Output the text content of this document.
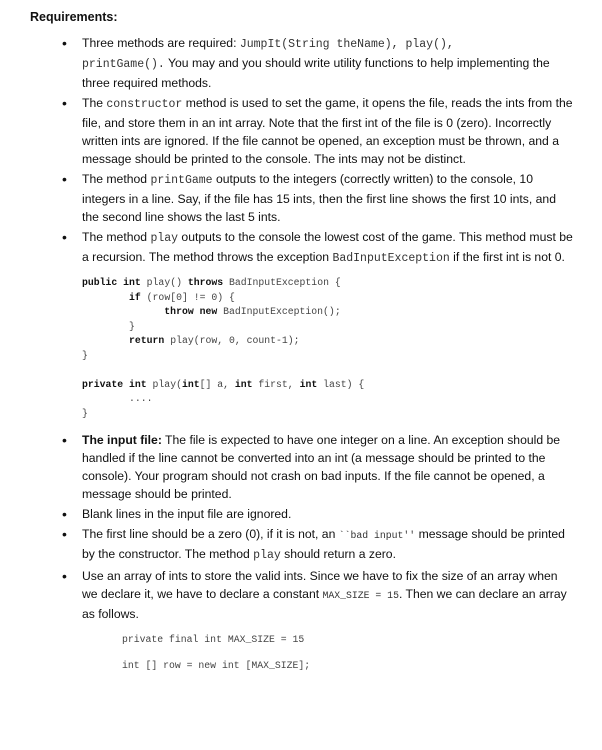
Requirements:
• Three methods are required: JumpIt(String theName), play(),
printGame(). You may and you should write utility functions to help implementing the three required methods.
• The constructor method is used to set the game, it opens the file, reads the ints from the file, and store them in an int array. Note that the first int of the file is 0 (zero). Incorrectly written ints are ignored. If the file cannot be opened, an exception must be thrown, and a message should be printed to the console. The ints may not be distinct.
• The method printGame outputs to the integers (correctly written) to the console, 10 integers in a line. Say, if the file has 15 ints, then the first line shows the first 10 ints, and the second line shows the last 5 ints.
• The method play outputs to the console the lowest cost of the game. This method must be a recursion. The method throws the exception BadInputException if the first int is not 0.
public int play() throws BadInputException {
if (row[0] != 0) {
throw new BadInputException();
}
return play(row, 0, count-1);
}

private int play(int[] a, int first, int last) {
....
}
• The input file: The file is expected to have one integer on a line. An exception should be handled if the line cannot be converted into an int (a message should be printed to the console). Your program should not crash on bad inputs. If the file cannot be opened, a message should be printed.
• Blank lines in the input file are ignored.
• The first line should be a zero (0), if it is not, an ``bad input'' message should be printed by the constructor. The method play should return a zero.
• Use an array of ints to store the valid ints. Since we have to fix the size of an array when we declare it, we have to declare a constant MAX_SIZE = 15. Then we can declare an array as follows.
private final int MAX_SIZE = 15
int [] row = new int [MAX_SIZE];
